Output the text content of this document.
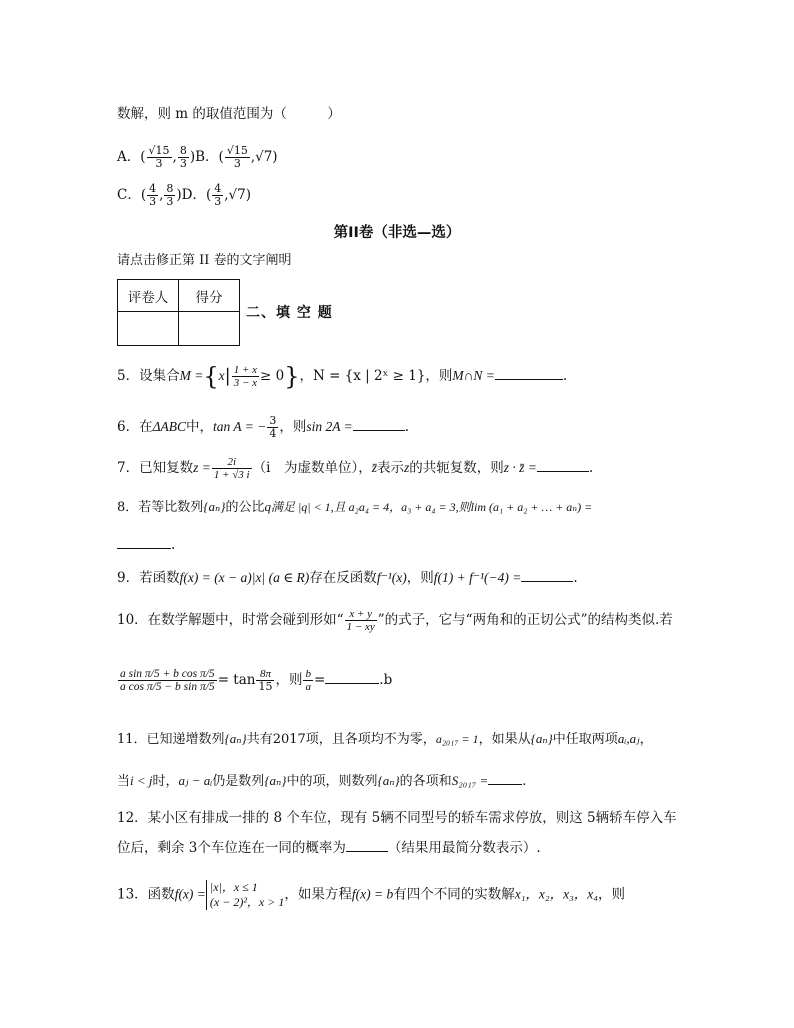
数解，则 m 的取值范围为（　　　）
A．( $\frac{√15}{3}$ , $\frac{8}{3} )B$．( $\frac{√15}{3} ,√7$)
C．( $\frac{4}{3}$ , $\frac{8}{3} )D$．( $\frac{4}{3} ,√7$)
第II卷（非选—选）
请点击修正第 II 卷的文字阐明
评卷人	得分

二、填 空 题
5．设集合$M =\{x| \frac{1 + x}{3 - x} \ge 0\}$，N = {x | 2ˣ ≥ 1}，则M∩N =	.
6．在ΔABC中，tan A = − $\frac{3}{4}$ ，则sin 2A =	.
7．已知复数$z = \frac{2i}{1 + √3 i} (i$　为虚数单位），z̄表示z的共轭复数，则z · z̄ =	.
8．若等比数列{aₙ}的公比q满足 |q| < 1,且 a₂a₄ = 4，a₃ + a₄ = 3,则lim (a₁ + a₂ + … + aₙ) =
.
9．若函数f(x) = (x − a)|x| (a ∈ R)存在反函数f⁻¹(x)，则f(1) + f⁻¹(−4) =	.
10．在数学解题中，时常会碰到形如“ $\frac{x + y}{1 - xy}$ ”的式子，它与“两角和的正切公式”的结构类似.若
$\frac{\text{a sin π/5 + b cos π/5}}{\text{a cos π/5 − b sin π/5}} = \tan \frac{8\pi}{15}$ ，则 $\frac{b}{a}$ =	.b
11．已知递增数列{aₙ}共有2017项，且各项均不为零，a₂₀₁₇ = 1，如果从{aₙ}中任取两项aᵢ,aⱼ，
当i < j时，aⱼ − aᵢ仍是数列{aₙ}中的项，则数列{aₙ}的各项和S₂₀₁₇ =	.
12．某小区有排成一排的 8 个车位，现有 5辆不同型号的轿车需求停放，则这 5辆轿车停入车
位后，剩余 3个车位连在一同的概率为	（结果用最简分数表示）.
13．函数f(x) = |x|，x ≤ 1
(x − 2)²，x > 1 ，如果方程f(x) = b有四个不同的实数解x₁，x₂，x₃，x₄，则
